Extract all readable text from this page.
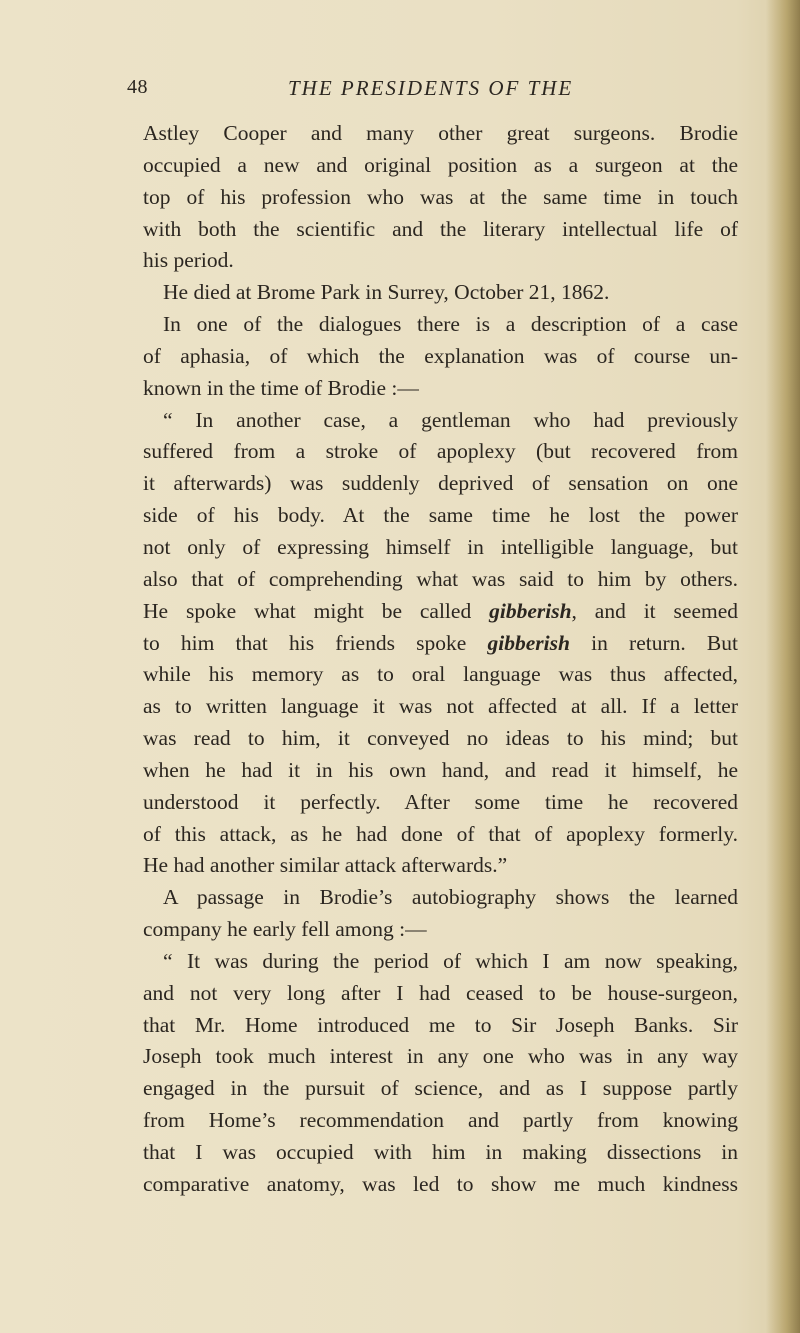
48	THE PRESIDENTS OF THE
Astley Cooper and many other great surgeons. Brodie
occupied a new and original position as a surgeon at the
top of his profession who was at the same time in touch
with both the scientific and the literary intellectual life of
his period.
He died at Brome Park in Surrey, October 21, 1862.
In one of the dialogues there is a description of a case
of aphasia, of which the explanation was of course un-
known in the time of Brodie :—
“ In another case, a gentleman who had previously
suffered from a stroke of apoplexy (but recovered from
it afterwards) was suddenly deprived of sensation on one
side of his body. At the same time he lost the power
not only of expressing himself in intelligible language, but
also that of comprehending what was said to him by others.
He spoke what might be called gibberish, and it seemed
to him that his friends spoke gibberish in return. But
while his memory as to oral language was thus affected,
as to written language it was not affected at all. If a letter
was read to him, it conveyed no ideas to his mind; but
when he had it in his own hand, and read it himself, he
understood it perfectly. After some time he recovered
of this attack, as he had done of that of apoplexy formerly.
He had another similar attack afterwards.”
A passage in Brodie’s autobiography shows the learned
company he early fell among :—
“ It was during the period of which I am now speaking,
and not very long after I had ceased to be house-surgeon,
that Mr. Home introduced me to Sir Joseph Banks. Sir
Joseph took much interest in any one who was in any way
engaged in the pursuit of science, and as I suppose partly
from Home’s recommendation and partly from knowing
that I was occupied with him in making dissections in
comparative anatomy, was led to show me much kindness
